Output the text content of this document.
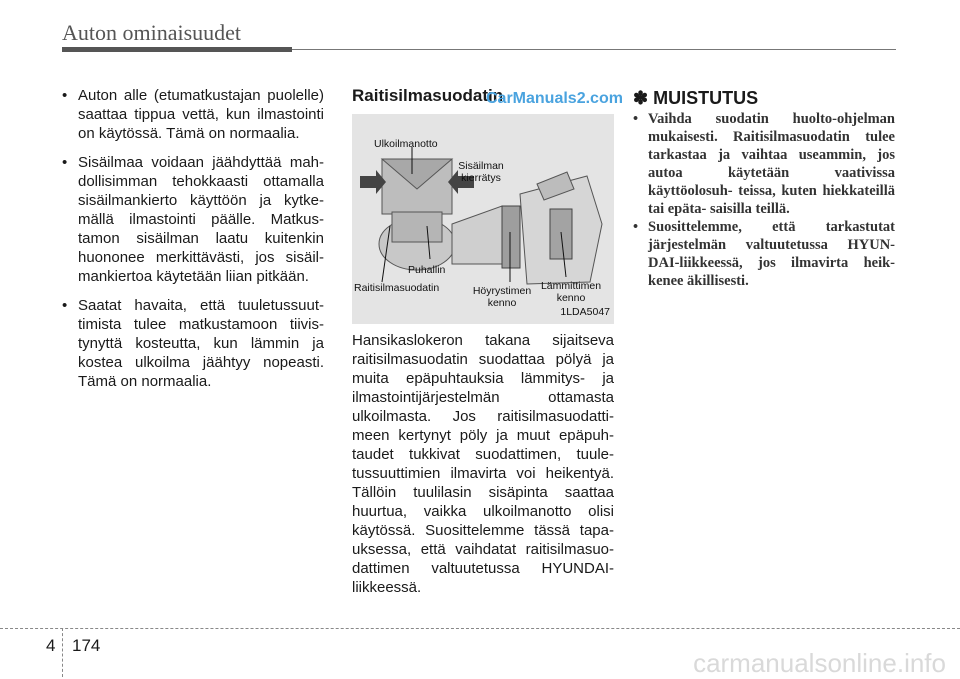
Auton ominaisuudet
• Auton alle (etumatkustajan puolelle) saattaa tippua vettä, kun ilmastointi on käytössä. Tämä on normaalia.
• Sisäilmaa voidaan jäähdyttää mah- dollisimman tehokkaasti ottamalla sisäilmankierto käyttöön ja kytke- mällä ilmastointi päälle. Matkus- tamon sisäilman laatu kuitenkin huononee merkittävästi, jos sisäil- mankiertoa käytetään liian pitkään.
• Saatat havaita, että tuuletussuut- timista tulee matkustamoon tiivis- tynyttä kosteutta, kun lämmin ja kostea ulkoilma jäähtyy nopeasti. Tämä on normaalia.
Raitisilmasuodatin
CarManuals2.com
Ulkoilmanotto
Sisäilman kierrätys
Puhallin
Raitisilmasuodatin	Höyrystimen kenno
Lämmittimen kenno
1LDA5047
Hansikaslokeron takana sijaitseva raitisilmasuodatin suodattaa pölyä ja muita epäpuhtauksia lämmitys- ja ilmastointijärjestelmän ottamasta ulkoilmasta. Jos raitisilmasuodatti- meen kertynyt pöly ja muut epäpuh- taudet tukkivat suodattimen, tuule- tussuuttimien ilmavirta voi heikentyä. Tällöin tuulilasin sisäpinta saattaa huurtua, vaikka ulkoilmanotto olisi käytössä. Suosittelemme tässä tapa- uksessa, että vaihdatat raitisilmasuo- dattimen valtuutetussa HYUNDAI- liikkeessä.
✽ MUISTUTUS
• Vaihda suodatin huolto-ohjelman mukaisesti. Raitisilmasuodatin tulee tarkastaa ja vaihtaa useammin, jos autoa käytetään vaativissa käyttöolosuh- teissa, kuten hiekkateillä tai epäta- saisilla teillä.
• Suosittelemme, että tarkastutat järjestelmän valtuutetussa HYUN- DAI-liikkeessä, jos ilmavirta heik- kenee äkillisesti.
4 174
carmanualsonline.info
